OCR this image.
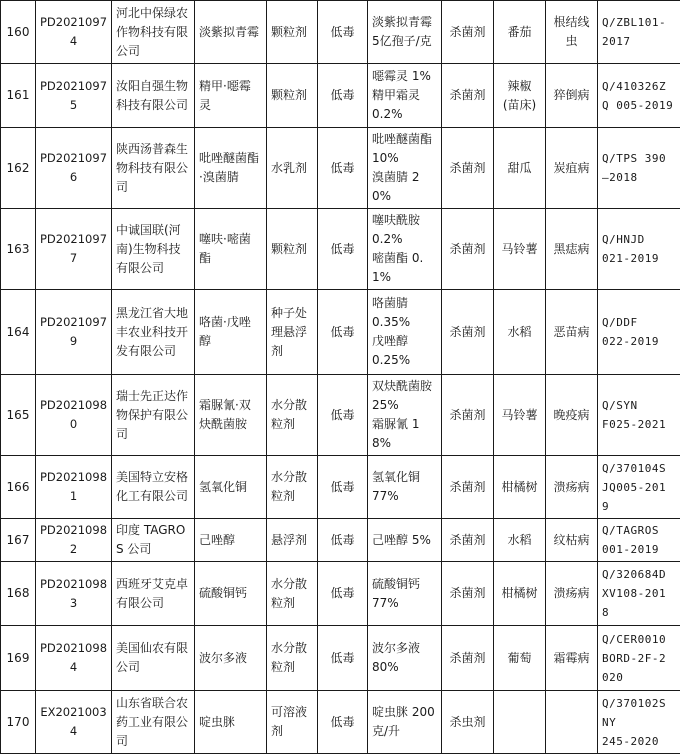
160	PD20210974	河北中保绿农作物科技有限公司	淡紫拟青霉	颗粒剂	低毒	淡紫拟青霉
5亿孢子/克	杀菌剂	番茄	根结线虫	Q/ZBL101-
2017

161	PD20210975	汝阳自强生物科技有限公司	精甲·噁霉灵	颗粒剂	低毒	噁霉灵 1%
精甲霜灵
0.2%	杀菌剂	辣椒
(苗床)	猝倒病	Q/410326Z
Q 005-2019

162	PD20210976	陕西汤普森生物科技有限公司	吡唑醚菌酯·溴菌腈	水乳剂	低毒	吡唑醚菌酯
10%
溴菌腈 20%	杀菌剂	甜瓜	炭疽病	Q/TPS 390
—2018

163	PD20210977	中诚国联(河南)生物科技有限公司	噻呋·嘧菌酯	颗粒剂	低毒	噻呋酰胺
0.2%
嘧菌酯 0.1%	杀菌剂	马铃薯	黑痣病	Q/HNJD
021-2019

164	PD20210979	黑龙江省大地丰农业科技开发有限公司	咯菌·戊唑醇	种子处理悬浮剂	低毒	咯菌腈
0.35%
戊唑醇
0.25%	杀菌剂	水稻	恶苗病	Q/DDF
022-2019

165	PD20210980	瑞士先正达作物保护有限公司	霜脲氰·双炔酰菌胺	水分散粒剂	低毒	双炔酰菌胺
25%
霜脲氰 18%	杀菌剂	马铃薯	晚疫病	Q/SYN
F025-2021

166	PD20210981	美国特立安格化工有限公司	氢氧化铜	水分散粒剂	低毒	氢氧化铜
77%	杀菌剂	柑橘树	溃疡病	Q/370104S
JQ005-201
9

167	PD20210982	印度 TAGROS 公司	己唑醇	悬浮剂	低毒	己唑醇 5%	杀菌剂	水稻	纹枯病	Q/TAGROS
001-2019

168	PD20210983	西班牙艾克卓有限公司	硫酸铜钙	水分散粒剂	低毒	硫酸铜钙
77%	杀菌剂	柑橘树	溃疡病	Q/320684D
XV108-201
8

169	PD20210984	美国仙农有限公司	波尔多液	水分散粒剂	低毒	波尔多液
80%	杀菌剂	葡萄	霜霉病	Q/CER0010
BORD-2F-2
020

170	EX20210034	山东省联合农药工业有限公司	啶虫脒	可溶液剂	低毒	啶虫脒 200
克/升	杀虫剂			Q/370102S
NY
245-2020
